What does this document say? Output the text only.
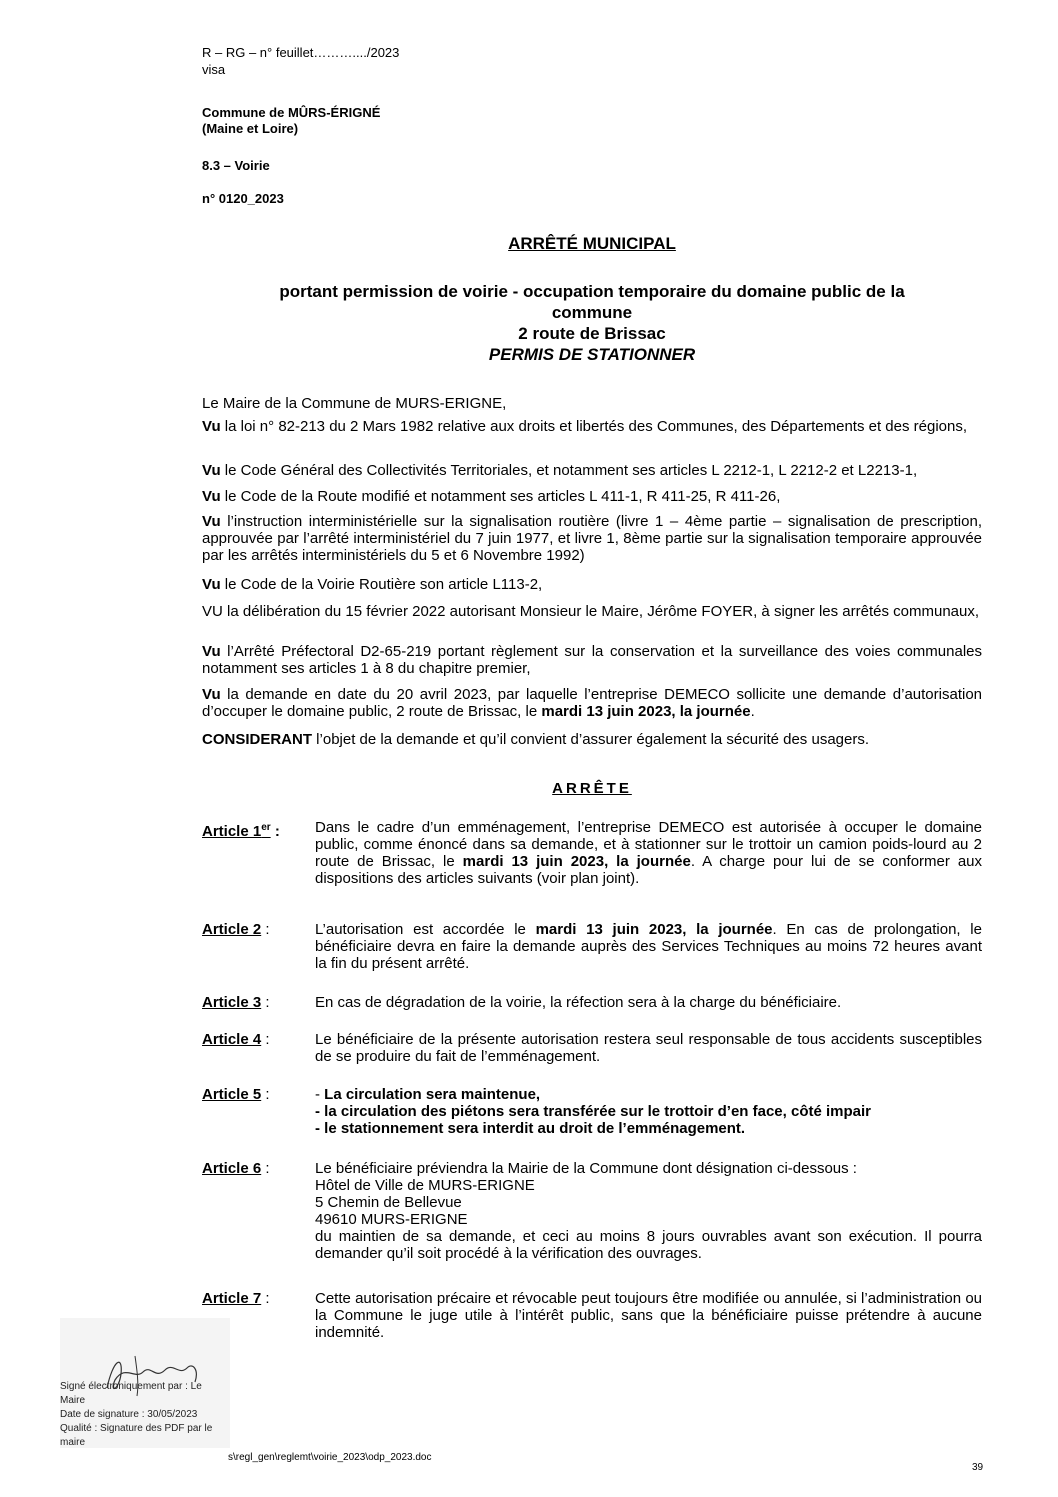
R – RG – n° feuillet………..../2023
visa
Commune de MÛRS-ÉRIGNÉ
(Maine et Loire)
8.3 – Voirie
n° 0120_2023
ARRÊTÉ MUNICIPAL
portant permission de voirie - occupation temporaire du domaine public de la
commune
2 route de Brissac
PERMIS DE STATIONNER
Le Maire de la Commune de MURS-ERIGNE,
Vu la loi n° 82-213 du 2 Mars 1982 relative aux droits et libertés des Communes, des Départements et des régions,
Vu le Code Général des Collectivités Territoriales, et notamment ses articles L 2212-1, L 2212-2 et L2213-1,
Vu le Code de la Route modifié et notamment ses articles L 411-1, R 411-25, R 411-26,
Vu l’instruction interministérielle sur la signalisation routière (livre 1 – 4ème partie – signalisation de prescription, approuvée par l’arrêté interministériel du 7 juin 1977, et livre 1, 8ème partie sur la signalisation temporaire approuvée par les arrêtés interministériels du 5 et 6 Novembre 1992)
Vu le Code de la Voirie Routière son article L113-2,
VU la délibération du 15 février 2022 autorisant Monsieur le Maire, Jérôme FOYER, à signer les arrêtés communaux,
Vu l’Arrêté Préfectoral D2-65-219 portant règlement sur la conservation et la surveillance des voies communales notamment ses articles 1 à 8 du chapitre premier,
Vu la demande en date du 20 avril 2023, par laquelle l’entreprise DEMECO sollicite une demande d’autorisation d’occuper le domaine public, 2 route de Brissac, le mardi 13 juin 2023, la journée.
CONSIDERANT l’objet de la demande et qu’il convient d’assurer également la sécurité des usagers.
ARRÊTE
Article 1er : Dans le cadre d’un emménagement, l’entreprise DEMECO est autorisée à occuper le domaine public, comme énoncé dans sa demande, et à stationner sur le trottoir un camion poids-lourd au 2 route de Brissac, le mardi 13 juin 2023, la journée. A charge pour lui de se conformer aux dispositions des articles suivants (voir plan joint).
Article 2 :	L’autorisation est accordée le mardi 13 juin 2023, la journée. En cas de prolongation, le bénéficiaire devra en faire la demande auprès des Services Techniques au moins 72 heures avant la fin du présent arrêté.
Article 3 :	En cas de dégradation de la voirie, la réfection sera à la charge du bénéficiaire.
Article 4 :	Le bénéficiaire de la présente autorisation restera seul responsable de tous accidents susceptibles de se produire du fait de l’emménagement.
Article 5 :	- La circulation sera maintenue,
- la circulation des piétons sera transférée sur le trottoir d’en face, côté impair
- le stationnement sera interdit au droit de l’emménagement.
Article 6 :	Le bénéficiaire préviendra la Mairie de la Commune dont désignation ci-dessous :
Hôtel de Ville de MURS-ERIGNE
5 Chemin de Bellevue
49610 MURS-ERIGNE
du maintien de sa demande, et ceci au moins 8 jours ouvrables avant son exécution. Il pourra demander qu’il soit procédé à la vérification des ouvrages.
Article 7 :	Cette autorisation précaire et révocable peut toujours être modifiée ou annulée, si l’administration ou la Commune le juge utile à l’intérêt public, sans que la bénéficiaire puisse prétendre à aucune indemnité.
Signé électroniquement par : Le
Maire
Date de signature : 30/05/2023
Qualité : Signature des PDF par le
maire
s\regl_gen\reglemt\voirie_2023\odp_2023.doc
39
